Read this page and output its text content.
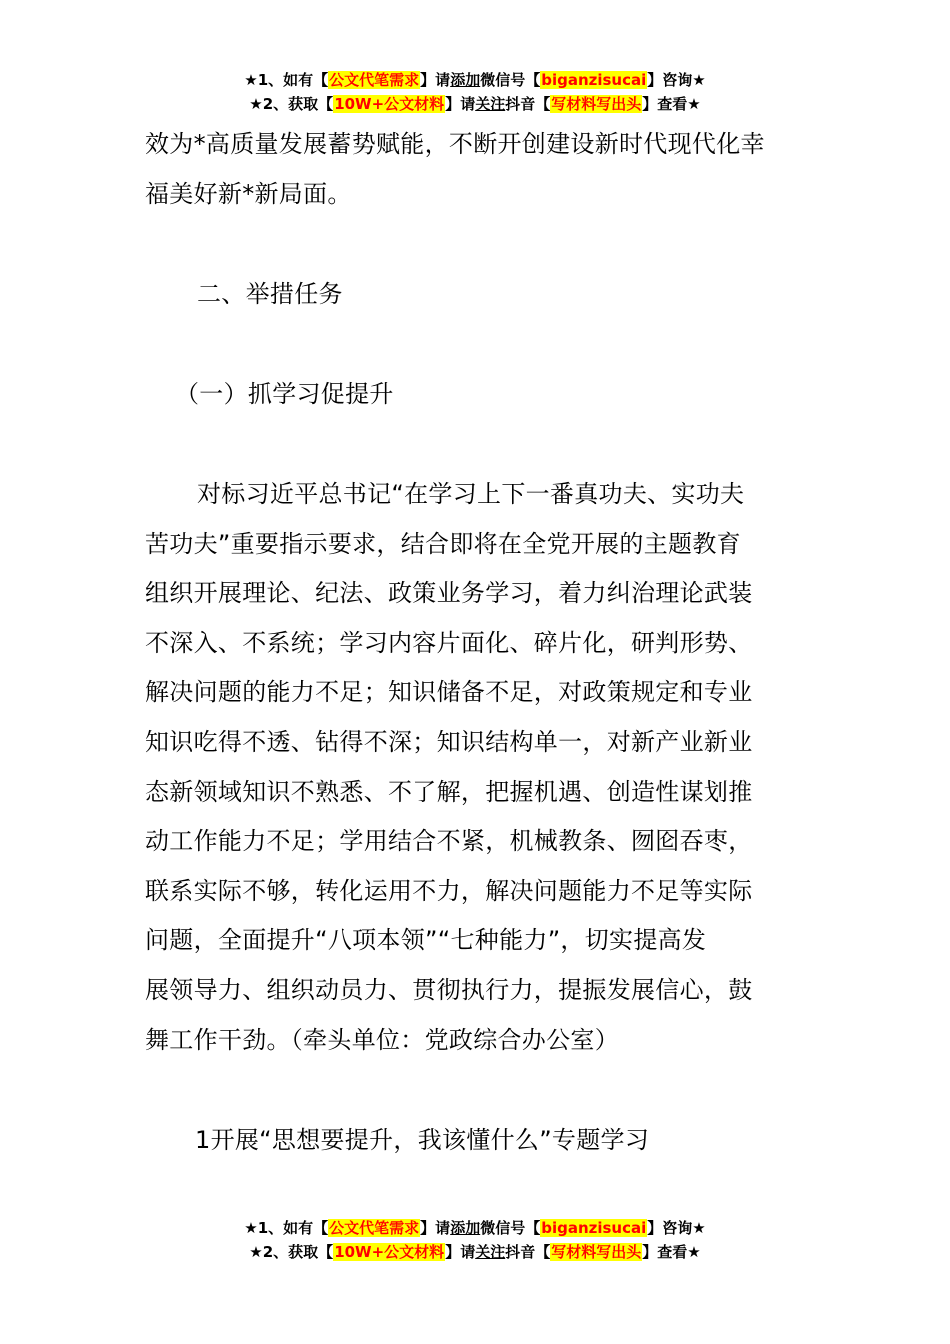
★1、如有【公文代笔需求】请添加微信号【biganzisucai】咨询★
★2、获取【10W+公文材料】请关注抖音【写材料写出头】查看★

效为*高质量发展蓄势赋能，不断开创建设新时代现代化幸

福美好新*新局面。

二、举措任务

（一）抓学习促提升

对标习近平总书记“在学习上下一番真功夫、实功夫

苦功夫”重要指示要求，结合即将在全党开展的主题教育

组织开展理论、纪法、政策业务学习，着力纠治理论武装

不深入、不系统；学习内容片面化、碎片化，研判形势、

解决问题的能力不足；知识储备不足，对政策规定和专业

知识吃得不透、钻得不深；知识结构单一，对新产业新业

态新领域知识不熟悉、不了解，把握机遇、创造性谋划推

动工作能力不足；学用结合不紧，机械教条、囫囵吞枣，

联系实际不够，转化运用不力，解决问题能力不足等实际

问题，全面提升“八项本领”“七种能力”，切实提高发

展领导力、组织动员力、贯彻执行力，提振发展信心，鼓

舞工作干劲。（牵头单位：党政综合办公室）

1开展“思想要提升，我该懂什么”专题学习

★1、如有【公文代笔需求】请添加微信号【biganzisucai】咨询★
★2、获取【10W+公文材料】请关注抖音【写材料写出头】查看★
